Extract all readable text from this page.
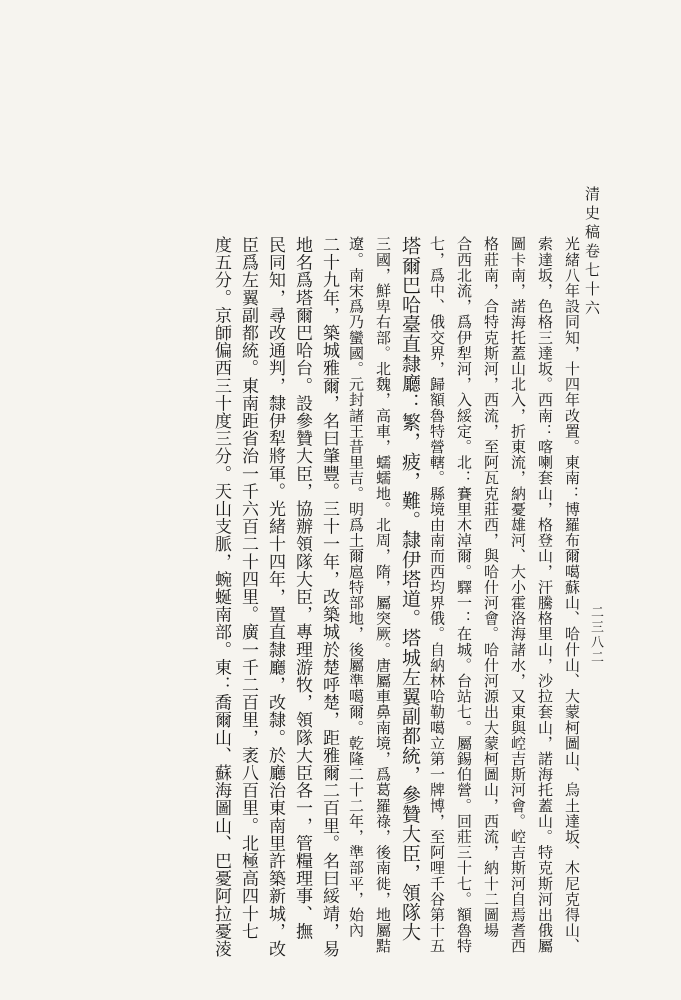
清史稿卷七十六
二三八二
光緒八年設同知，十四年改置。東南：博羅布爾噶蘇山、哈什山、大蒙柯圖山、烏土達坂、木尼克得山、
索達坂，色格三達坂。西南：喀喇套山，格登山，汗騰格里山，沙拉套山，諾海托蓋山。特克斯河出俄屬
圖卡南，諾海托蓋山北入，折東流，納憂雄河、大小霍洛海諸水，又東與崆吉斯河會。崆吉斯河自焉耆西
格莊南，合特克斯河，西流，至阿瓦克莊西，與哈什河會。哈什河源出大蒙柯圖山，西流，納十二圖場
合西北流，爲伊犁河，入綏定。北：賽里木淖爾。驛一：在城。台站七。屬錫伯營。回莊三十七。額魯特
七，爲中、俄交界，歸額魯特營轄。縣境由南而西均界俄。自納林哈勒噶立第一牌博，至阿哩千谷第十五
塔爾巴哈臺直隸廳：繁，疲，難。隸伊塔道。塔城左翼副都統，參贊大臣，領隊大
三國，鮮卑右部。北魏，高車，蠕蠕地。北周，隋，屬突厥。唐屬車鼻南境，爲葛羅祿，後南徙，地屬黠
遼。南宋爲乃蠻國。元封諸王昔里吉。明爲土爾扈特部地，後屬準噶爾。乾隆二十二年，準部平，始內
二十九年，築城雅爾，名曰肇豐。三十一年，改築城於楚呼楚，距雅爾二百里。名曰綏靖，易
地名爲塔爾巴哈台。設參贊大臣，協辦領隊大臣，專理游牧，領隊大臣各一，管糧理事、撫
民同知，尋改通判，隸伊犁將軍。光緒十四年，置直隸廳，改隸。於廳治東南里許築新城，改
臣爲左翼副都統。東南距省治一千六百二十四里。廣一千二百里，袤八百里。北極高四十七
度五分。京師偏西三十度三分。天山支脈，蜿蜒南部。東：喬爾山、蘇海圖山、巴憂阿拉憂淩
